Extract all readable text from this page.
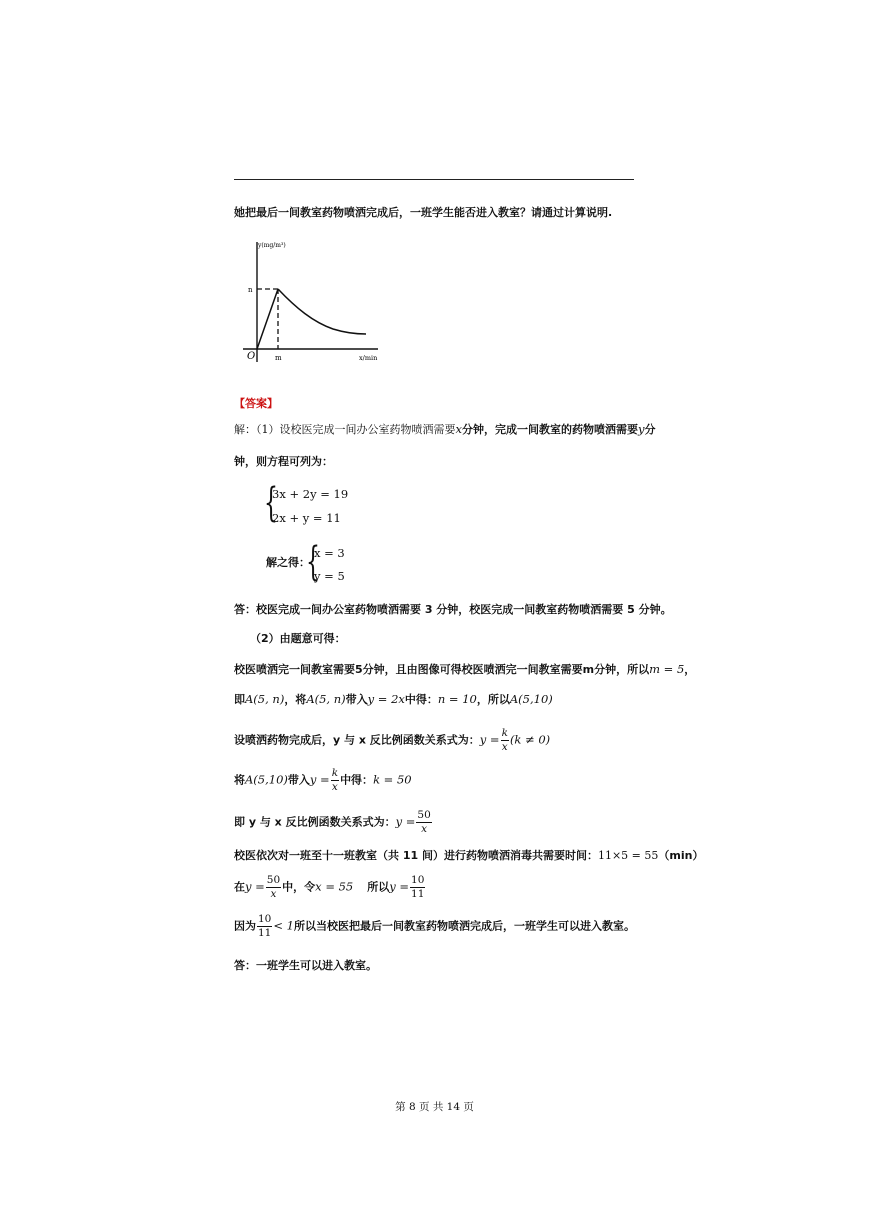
她把最后一间教室药物喷洒完成后，一班学生能否进入教室？请通过计算说明.
y(mg/m³)
x/min
O	m
n
【答案】
解：（1）设校医完成一间办公室药物喷洒需要x分钟，完成一间教室的药物喷洒需要y分
钟，则方程可列为：
{
3x + 2y = 19
2x + y = 11
解之得：
{
x = 3
y = 5
答：校医完成一间办公室药物喷洒需要 3 分钟，校医完成一间教室药物喷洒需要 5 分钟。
（2）由题意可得：
校医喷洒完一间教室需要5分钟，且由图像可得校医喷洒完一间教室需要m分钟，所以m = 5，
即A(5, n)，将A(5, n)带入y = 2x中得：n = 10，所以A(5,10)
设喷洒药物完成后，y 与 x 反比例函数关系式为：$y = \frac{k}{x} (k \ne 0)$
将A(5,10)带入$y = \frac{k}{x}$ 中得：k = 50
即 y 与 x 反比例函数关系式为：$y = \frac{50}{x}$
校医依次对一班至十一班教室（共 11 间）进行药物喷洒消毒共需要时间：11×5 = 55（min）
在$y = \frac{50}{x}$ 中，令x = 55 所以$y = \frac{10}{11}$
因为 $\frac{10}{11} < 1$所以当校医把最后一间教室药物喷洒完成后，一班学生可以进入教室。
答：一班学生可以进入教室。
第 8 页 共 14 页
